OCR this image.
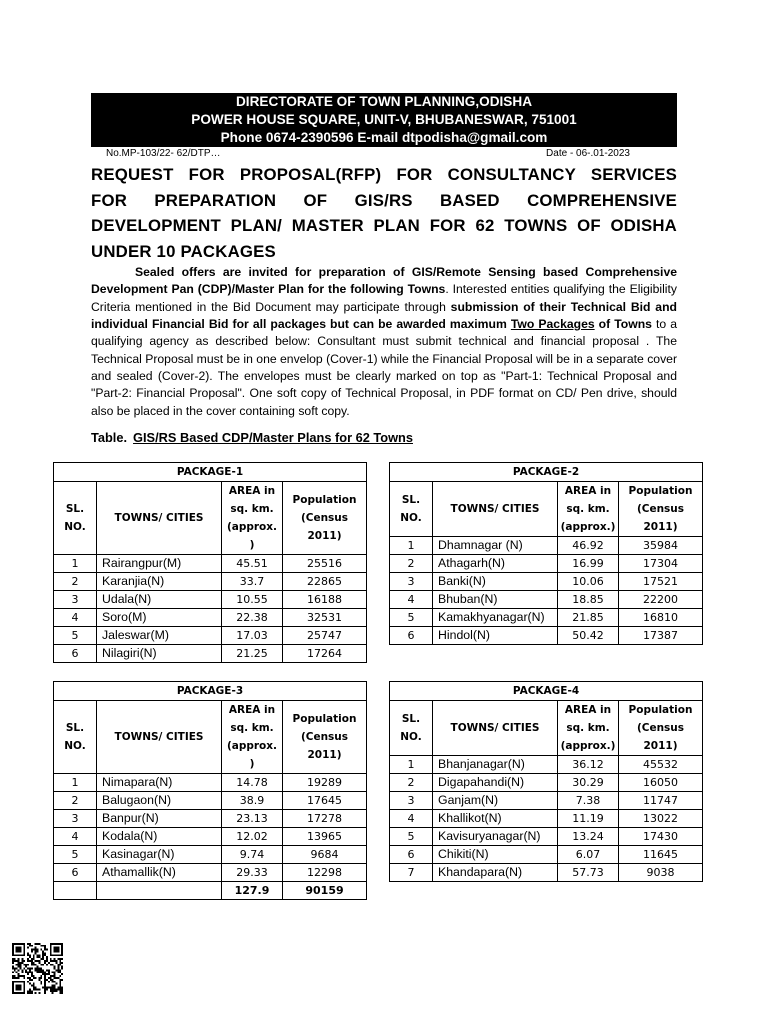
DIRECTORATE OF TOWN PLANNING,ODISHA
POWER HOUSE SQUARE, UNIT-V, BHUBANESWAR, 751001
Phone 0674-2390596 E-mail dtpodisha@gmail.com
No.MP-103/22- 62/DTP…	Date - 06-.01-2023
REQUEST FOR PROPOSAL(RFP) FOR CONSULTANCY SERVICES
FOR PREPARATION OF GIS/RS BASED COMPREHENSIVE
DEVELOPMENT PLAN/ MASTER PLAN FOR 62 TOWNS OF ODISHA
UNDER 10 PACKAGES
Sealed offers are invited for preparation of GIS/Remote Sensing based Comprehensive Development Pan (CDP)/Master Plan for the following Towns. Interested entities qualifying the Eligibility Criteria mentioned in the Bid Document may participate through submission of their Technical Bid and individual Financial Bid for all packages but can be awarded maximum Two Packages of Towns to a qualifying agency as described below: Consultant must submit technical and financial proposal . The Technical Proposal must be in one envelop (Cover-1) while the Financial Proposal will be in a separate cover and sealed (Cover-2). The envelopes must be clearly marked on top as "Part-1: Technical Proposal and "Part-2: Financial Proposal". One soft copy of Technical Proposal, in PDF format on CD/ Pen drive, should also be placed in the cover containing soft copy.
Table. GIS/RS Based CDP/Master Plans for 62 Towns
PACKAGE-1			
SL. NO.	TOWNS/ CITIES	AREA in sq. km. (approx. )	Population (Census 2011)
1	Rairangpur(M)	45.51	25516
2	Karanjia(N)	33.7	22865
3	Udala(N)	10.55	16188
4	Soro(M)	22.38	32531
5	Jaleswar(M)	17.03	25747
6	Nilagiri(N)	21.25	17264
PACKAGE-2			
SL. NO.	TOWNS/ CITIES	AREA in sq. km. (approx.)	Population (Census 2011)
1	Dhamnagar (N)	46.92	35984
2	Athagarh(N)	16.99	17304
3	Banki(N)	10.06	17521
4	Bhuban(N)	18.85	22200
5	Kamakhyanagar(N)	21.85	16810
6	Hindol(N)	50.42	17387
PACKAGE-3			
SL. NO.	TOWNS/ CITIES	AREA in sq. km. (approx. )	Population (Census 2011)
1	Nimapara(N)	14.78	19289
2	Balugaon(N)	38.9	17645
3	Banpur(N)	23.13	17278
4	Kodala(N)	12.02	13965
5	Kasinagar(N)	9.74	9684
6	Athamallik(N)	29.33	12298
		127.9	90159
PACKAGE-4			
SL. NO.	TOWNS/ CITIES	AREA in sq. km. (approx.)	Population (Census 2011)
1	Bhanjanagar(N)	36.12	45532
2	Digapahandi(N)	30.29	16050
3	Ganjam(N)	7.38	11747
4	Khallikot(N)	11.19	13022
5	Kavisuryanagar(N)	13.24	17430
6	Chikiti(N)	6.07	11645
7	Khandapara(N)	57.73	9038
